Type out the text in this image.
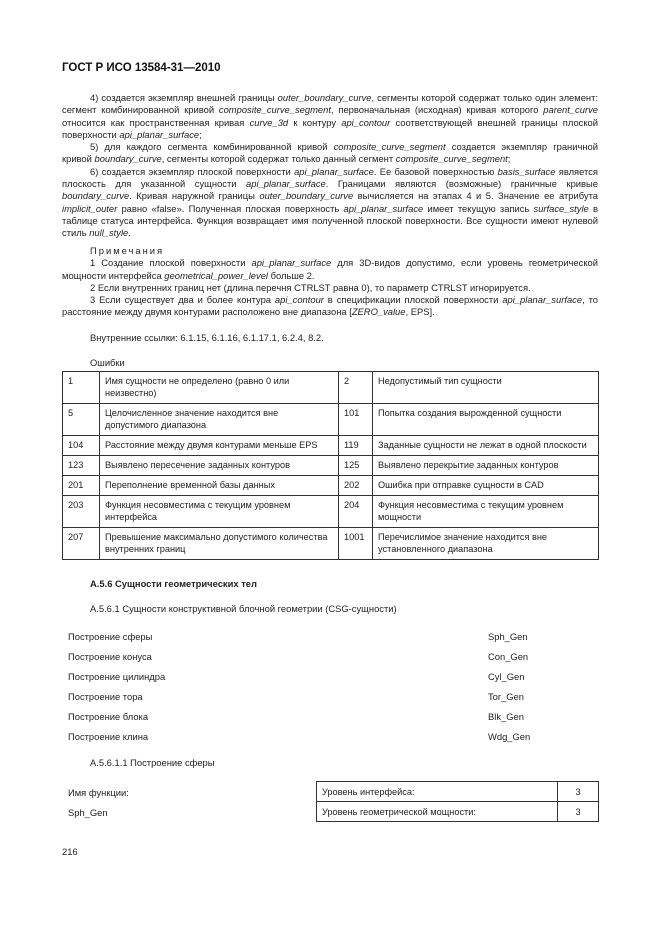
ГОСТ Р ИСО 13584-31—2010

4) создается экземпляр внешней границы outer_boundary_curve, сегменты которой содержат только один элемент: сегмент комбинированной кривой composite_curve_segment, первоначальная (исходная) кривая которого parent_curve относится как пространственная кривая curve_3d к контуру api_contour соответствующей внешней границы плоской поверхности api_planar_surface;

5) для каждого сегмента комбинированной кривой composite_curve_segment создается экземпляр граничной кривой boundary_curve, сегменты которой содержат только данный сегмент composite_curve_segment;

6) создается экземпляр плоской поверхности api_planar_surface. Ее базовой поверхностью basis_surface является плоскость для указанной сущности api_planar_surface. Границами являются (возможные) граничные кривые boundary_curve. Кривая наружной границы outer_boundary_curve вычисляется на этапах 4 и 5. Значение ее атрибута implicit_outer равно «false». Полученная плоская поверхность api_planar_surface имеет текущую запись surface_style в таблице статуса интерфейса. Функция возвращает имя полученной плоской поверхности. Все сущности имеют нулевой стиль null_style.

Примечания

1 Создание плоской поверхности api_planar_surface для 3D-видов допустимо, если уровень геометрической мощности интерфейса geometrical_power_level больше 2.

2 Если внутренних границ нет (длина перечня CTRLST равна 0), то параметр CTRLST игнорируется.

3 Если существует два и более контура api_contour в спецификации плоской поверхности api_planar_surface, то расстояние между двумя контурами расположено вне диапазона [ZERO_value, EPS].

Внутренние ссылки: 6.1.15, 6.1.16, 6.1.17.1, 6.2.4, 8.2.

Ошибки

1	Имя сущности не определено (равно 0 или неизвестно)	2	Недопустимый тип сущности
5	Целочисленное значение находится вне допустимого диапазона	101	Попытка создания вырожденной сущности
104	Расстояние между двумя контурами меньше EPS	119	Заданные сущности не лежат в одной плоскости
123	Выявлено пересечение заданных контуров	125	Выявлено перекрытие заданных контуров
201	Переполнение временной базы данных	202	Ошибка при отправке сущности в CAD
203	Функция несовместима с текущим уровнем интерфейса	204	Функция несовместима с текущим уровнем мощности
207	Превышение максимально допустимого количества внутренних границ	1001	Перечислимое значение находится вне установленного диапазона
A.5.6 Сущности геометрических тел
A.5.6.1 Сущности конструктивной блочной геометрии (CSG-сущности)
Построение сферы	Sph_Gen
Построение конуса	Con_Gen
Построение цилиндра	Cyl_Gen
Построение тора	Tor_Gen
Построение блока	Blk_Gen
Построение клина	Wdg_Gen
A.5.6.1.1 Построение сферы
Имя функции:
Sph_Gen
Уровень интерфейса:	3
Уровень геометрической мощности:	3
216
